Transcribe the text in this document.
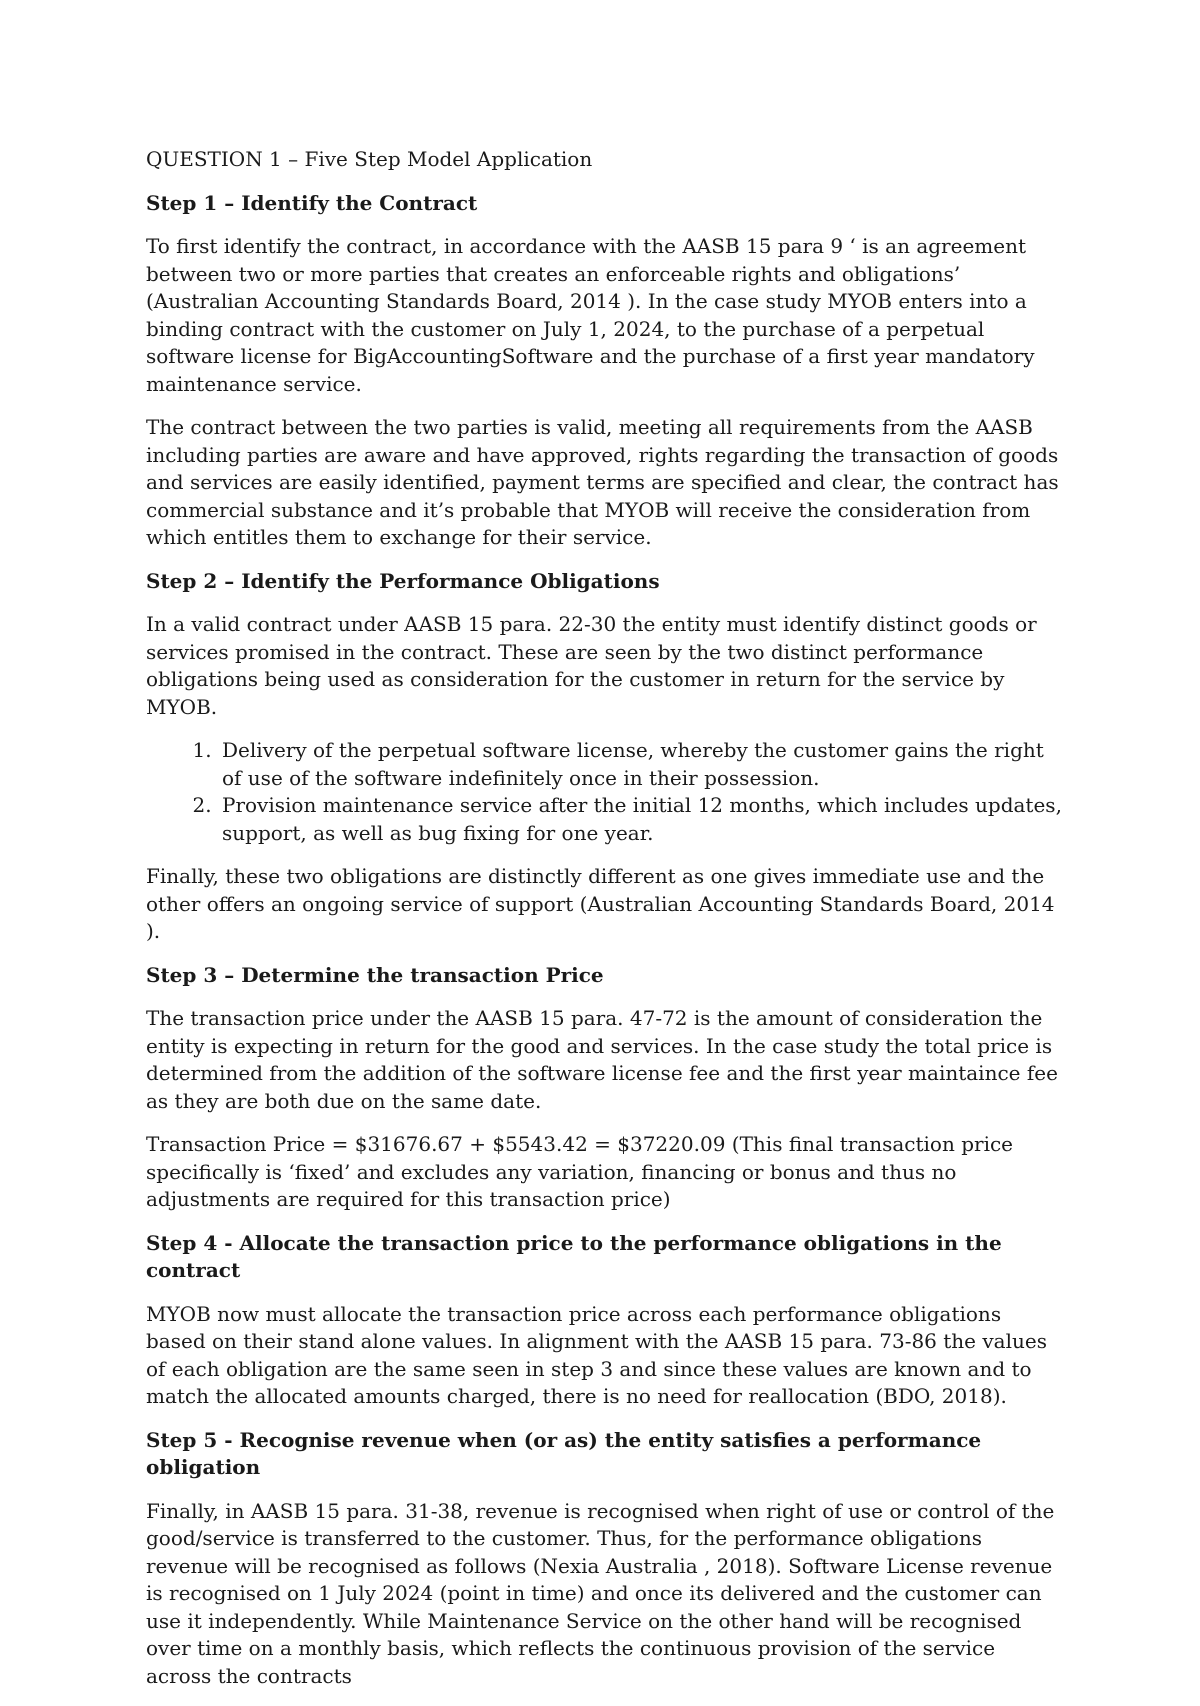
QUESTION 1 – Five Step Model Application

Step 1 – Identify the Contract

To first identify the contract, in accordance with the AASB 15 para 9 ‘ is an agreement between two or more parties that creates an enforceable rights and obligations’ (Australian Accounting Standards Board, 2014 ). In the case study MYOB enters into a binding contract with the customer on July 1, 2024, to the purchase of a perpetual software license for BigAccountingSoftware and the purchase of a first year mandatory maintenance service.

The contract between the two parties is valid, meeting all requirements from the AASB including parties are aware and have approved, rights regarding the transaction of goods and services are easily identified, payment terms are specified and clear, the contract has commercial substance and it’s probable that MYOB will receive the consideration from which entitles them to exchange for their service.

Step 2 – Identify the Performance Obligations

In a valid contract under AASB 15 para. 22-30 the entity must identify distinct goods or services promised in the contract. These are seen by the two distinct performance obligations being used as consideration for the customer in return for the service by MYOB.

1. Delivery of the perpetual software license, whereby the customer gains the right of use of the software indefinitely once in their possession.
2. Provision maintenance service after the initial 12 months, which includes updates, support, as well as bug fixing for one year.

Finally, these two obligations are distinctly different as one gives immediate use and the other offers an ongoing service of support (Australian Accounting Standards Board, 2014 ).

Step 3 – Determine the transaction Price

The transaction price under the AASB 15 para. 47-72 is the amount of consideration the entity is expecting in return for the good and services. In the case study the total price is determined from the addition of the software license fee and the first year maintaince fee as they are both due on the same date.

Transaction Price = $31676.67 + $5543.42 = $37220.09 (This final transaction price specifically is ‘fixed’ and excludes any variation, financing or bonus and thus no adjustments are required for this transaction price)

Step 4 - Allocate the transaction price to the performance obligations in the contract

MYOB now must allocate the transaction price across each performance obligations based on their stand alone values. In alignment with the AASB 15 para. 73-86 the values of each obligation are the same seen in step 3 and since these values are known and to match the allocated amounts charged, there is no need for reallocation (BDO, 2018).

Step 5 - Recognise revenue when (or as) the entity satisfies a performance obligation

Finally, in AASB 15 para. 31-38, revenue is recognised when right of use or control of the good/service is transferred to the customer. Thus, for the performance obligations revenue will be recognised as follows (Nexia Australia , 2018). Software License revenue is recognised on 1 July 2024 (point in time) and once its delivered and the customer can use it independently. While Maintenance Service on the other hand will be recognised over time on a monthly basis, which reflects the continuous provision of the service across the contracts
